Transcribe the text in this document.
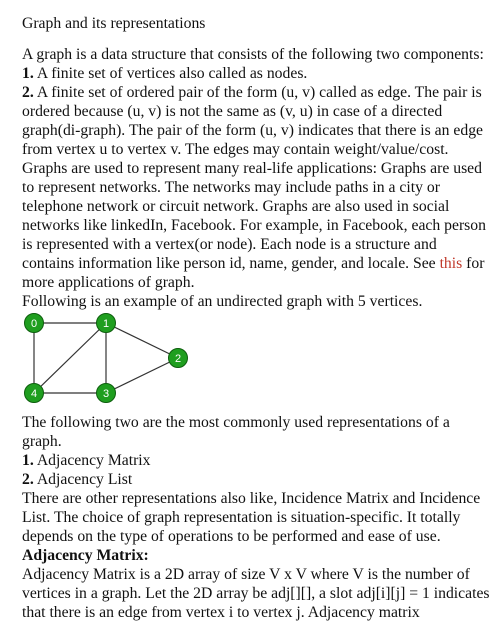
Graph and its representations

A graph is a data structure that consists of the following two components:

1. A finite set of vertices also called as nodes.

2. A finite set of ordered pair of the form (u, v) called as edge. The pair is ordered because (u, v) is not the same as (v, u) in case of a directed graph(di-graph). The pair of the form (u, v) indicates that there is an edge from vertex u to vertex v. The edges may contain weight/value/cost.

Graphs are used to represent many real-life applications: Graphs are used to represent networks. The networks may include paths in a city or telephone network or circuit network. Graphs are also used in social networks like linkedIn, Facebook. For example, in Facebook, each person is represented with a vertex(or node). Each node is a structure and contains information like person id, name, gender, and locale. See this for more applications of graph.

Following is an example of an undirected graph with 5 vertices.

0	1
2
4	3

The following two are the most commonly used representations of a graph.

1. Adjacency Matrix

2. Adjacency List

There are other representations also like, Incidence Matrix and Incidence List. The choice of graph representation is situation-specific. It totally depends on the type of operations to be performed and ease of use.

Adjacency Matrix:

Adjacency Matrix is a 2D array of size V x V where V is the number of vertices in a graph. Let the 2D array be adj[][], a slot adj[i][j] = 1 indicates that there is an edge from vertex i to vertex j. Adjacency matrix
